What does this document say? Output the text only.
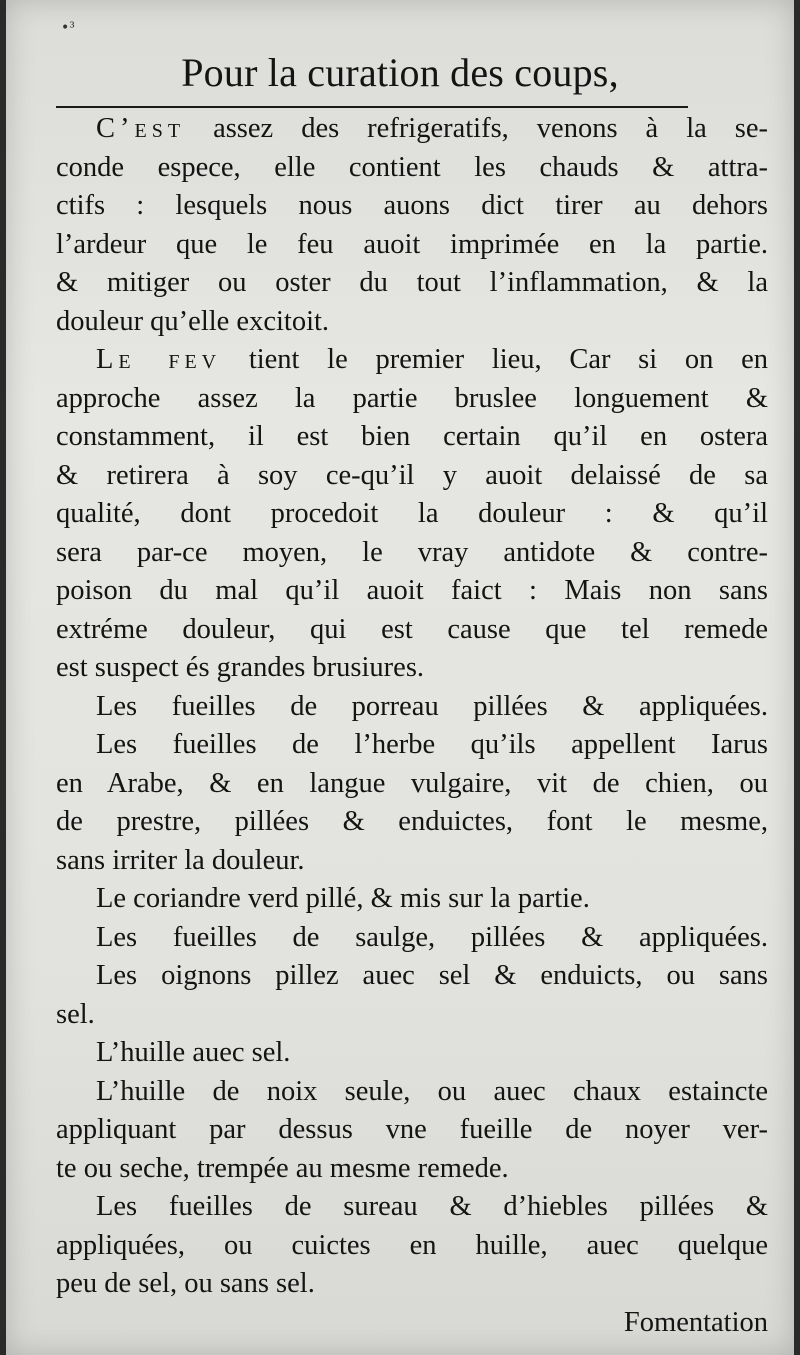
•³
Pour la curation des coups,
C’est assez des refrigeratifs, venons à la se-
conde espece, elle contient les chauds & attra-
ctifs : lesquels nous auons dict tirer au dehors
l’ardeur que le feu auoit imprimée en la partie.
& mitiger ou oster du tout l’inflammation, & la
douleur qu’elle excitoit.
Le fev tient le premier lieu, Car si on en
approche assez la partie bruslee longuement &
constamment, il est bien certain qu’il en ostera
& retirera à soy ce-qu’il y auoit delaissé de sa
qualité, dont procedoit la douleur : & qu’il
sera par-ce moyen, le vray antidote & contre-
poison du mal qu’il auoit faict : Mais non sans
extréme douleur, qui est cause que tel remede
est suspect és grandes brusiures.
Les fueilles de porreau pillées & appliquées.
Les fueilles de l’herbe qu’ils appellent Iarus
en Arabe, & en langue vulgaire, vit de chien, ou
de prestre, pillées & enduictes, font le mesme,
sans irriter la douleur.
Le coriandre verd pillé, & mis sur la partie.
Les fueilles de saulge, pillées & appliquées.
Les oignons pillez auec sel & enduicts, ou sans
sel.
L’huille auec sel.
L’huille de noix seule, ou auec chaux estaincte
appliquant par dessus vne fueille de noyer ver-
te ou seche, trempée au mesme remede.
Les fueilles de sureau & d’hiebles pillées &
appliquées, ou cuictes en huille, auec quelque
peu de sel, ou sans sel.
Fomentation
